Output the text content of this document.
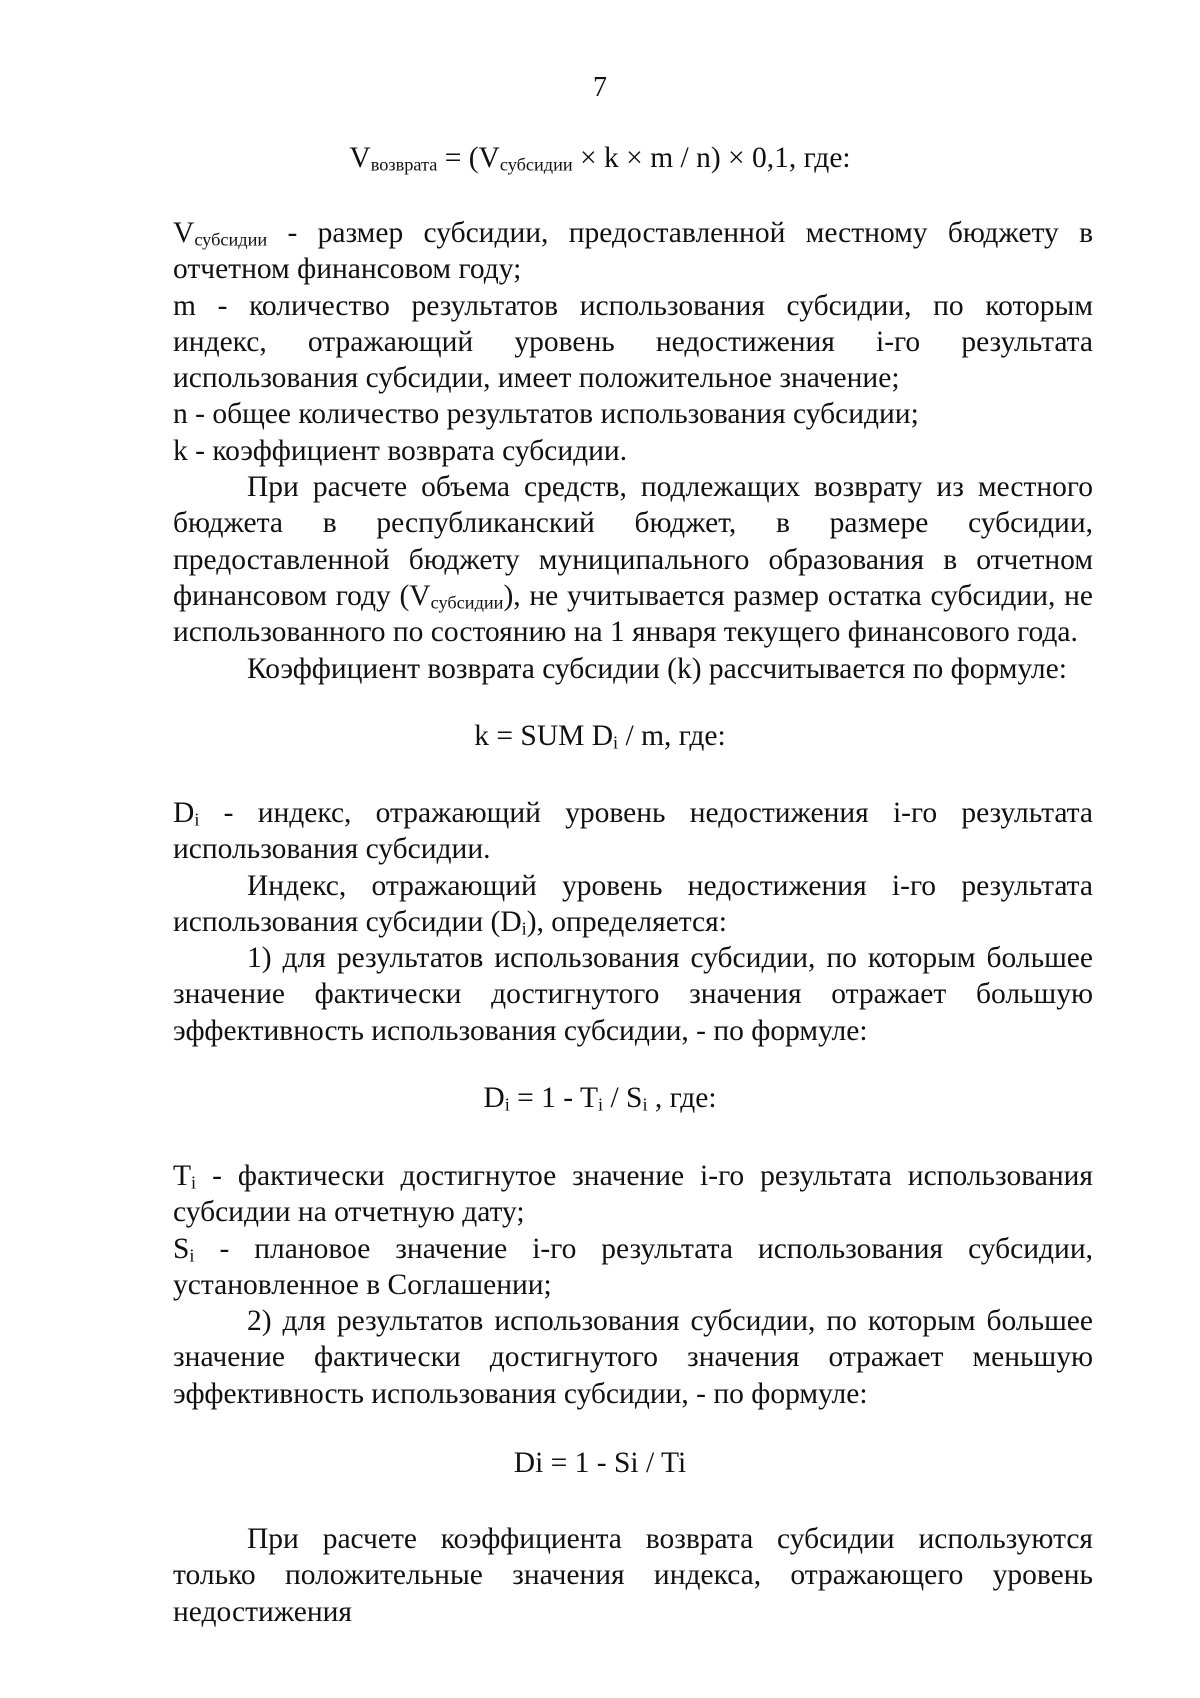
7
$V_{возврата} = (V_{субсидии} \times k \times m / n) \times 0,1$, где:

$V_{субсидии}$ - размер субсидии, предоставленной местному бюджету в отчетном финансовом году;

m - количество результатов использования субсидии, по которым индекс, отражающий уровень недостижения i-го результата использования субсидии, имеет положительное значение;

n - общее количество результатов использования субсидии;

k - коэффициент возврата субсидии.

При расчете объема средств, подлежащих возврату из местного бюджета в республиканский бюджет, в размере субсидии, предоставленной бюджету муниципального образования в отчетном финансовом году $(V_{субсидии})$, не учитывается размер остатка субсидии, не использованного по состоянию на 1 января текущего финансового года.

Коэффициент возврата субсидии (k) рассчитывается по формуле:

k = SUM $D_i$ / m, где:

$D_i$ - индекс, отражающий уровень недостижения i-го результата использования субсидии.

Индекс, отражающий уровень недостижения i-го результата использования субсидии $(D_i)$, определяется:

1) для результатов использования субсидии, по которым большее значение фактически достигнутого значения отражает большую эффективность использования субсидии, - по формуле:

$D_i = 1 - T_i / S_i$ , где:

$T_i$ - фактически достигнутое значение i-го результата использования субсидии на отчетную дату;

$S_i$ - плановое значение i-го результата использования субсидии, установленное в Соглашении;

2) для результатов использования субсидии, по которым большее значение фактически достигнутого значения отражает меньшую эффективность использования субсидии, - по формуле:

Di = 1 - Si / Ti

При расчете коэффициента возврата субсидии используются только положительные значения индекса, отражающего уровень недостижения
